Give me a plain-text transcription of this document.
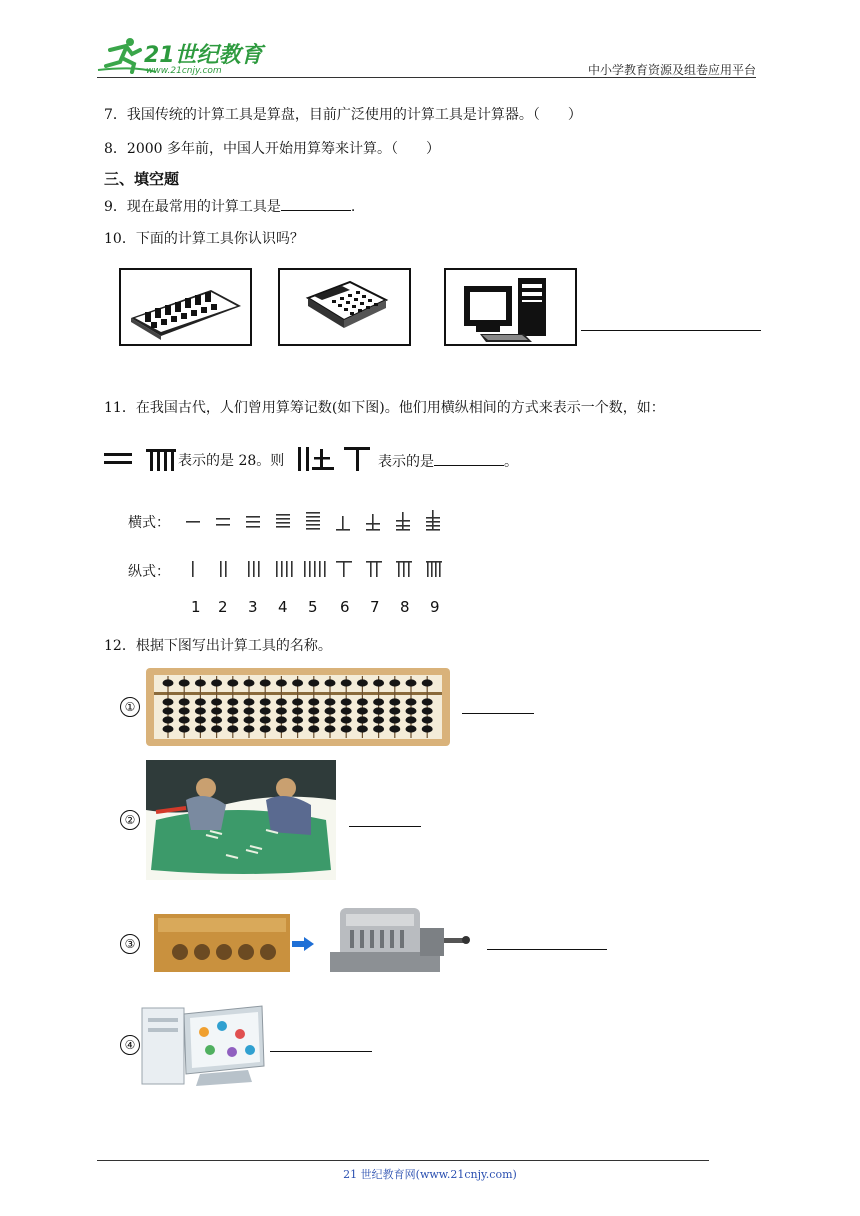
21世纪教育
www.21cnjy.com	中小学教育资源及组卷应用平台
7．我国传统的计算工具是算盘，目前广泛使用的计算工具是计算器。（　　）
8．2000 多年前，中国人开始用算筹来计算。（　　）
三、填空题
9．现在最常用的计算工具是	.
10．下面的计算工具你认识吗？
11．在我国古代，人们曾用算筹记数(如下图)。他们用横纵相间的方式来表示一个数，如：
表示的是 28。则	表示的是	。
横式：
纵式：
1 2 3 4 5 6 7 8 9
12．根据下图写出计算工具的名称。
①
②
③
④
21 世纪教育网(www.21cnjy.com)
